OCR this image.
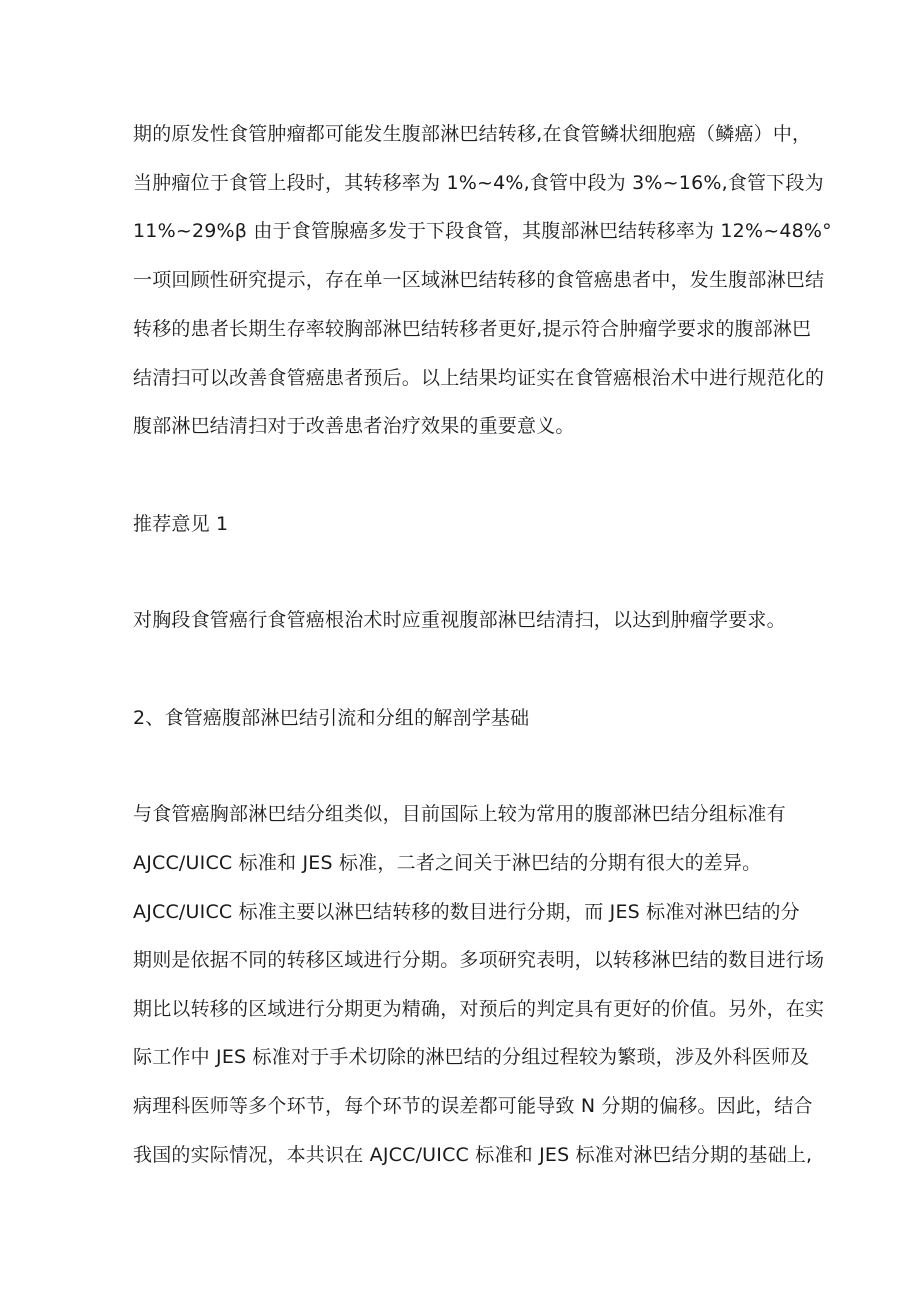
期的原发性食管肿瘤都可能发生腹部淋巴结转移,在食管鳞状细胞癌（鳞癌）中，
当肿瘤位于食管上段时，其转移率为 1%~4%,食管中段为 3%~16%,食管下段为
11%~29%β 由于食管腺癌多发于下段食管，其腹部淋巴结转移率为 12%~48%°
一项回顾性研究提示，存在单一区域淋巴结转移的食管癌患者中，发生腹部淋巴结
转移的患者长期生存率较胸部淋巴结转移者更好,提示符合肿瘤学要求的腹部淋巴
结清扫可以改善食管癌患者预后。以上结果均证实在食管癌根治术中进行规范化的
腹部淋巴结清扫对于改善患者治疗效果的重要意义。
推荐意见 1
对胸段食管癌行食管癌根治术时应重视腹部淋巴结清扫，以达到肿瘤学要求。
2、食管癌腹部淋巴结引流和分组的解剖学基础
与食管癌胸部淋巴结分组类似，目前国际上较为常用的腹部淋巴结分组标准有
AJCC/UICC 标准和 JES 标准，二者之间关于淋巴结的分期有很大的差异。
AJCC/UICC 标准主要以淋巴结转移的数目进行分期，而 JES 标准对淋巴结的分
期则是依据不同的转移区域进行分期。多项研究表明，以转移淋巴结的数目进行场
期比以转移的区域进行分期更为精确，对预后的判定具有更好的价值。另外，在实
际工作中 JES 标准对于手术切除的淋巴结的分组过程较为繁琐，涉及外科医师及
病理科医师等多个环节，每个环节的误差都可能导致 N 分期的偏移。因此，结合
我国的实际情况，本共识在 AJCC/UICC 标准和 JES 标准对淋巴结分期的基础上,
